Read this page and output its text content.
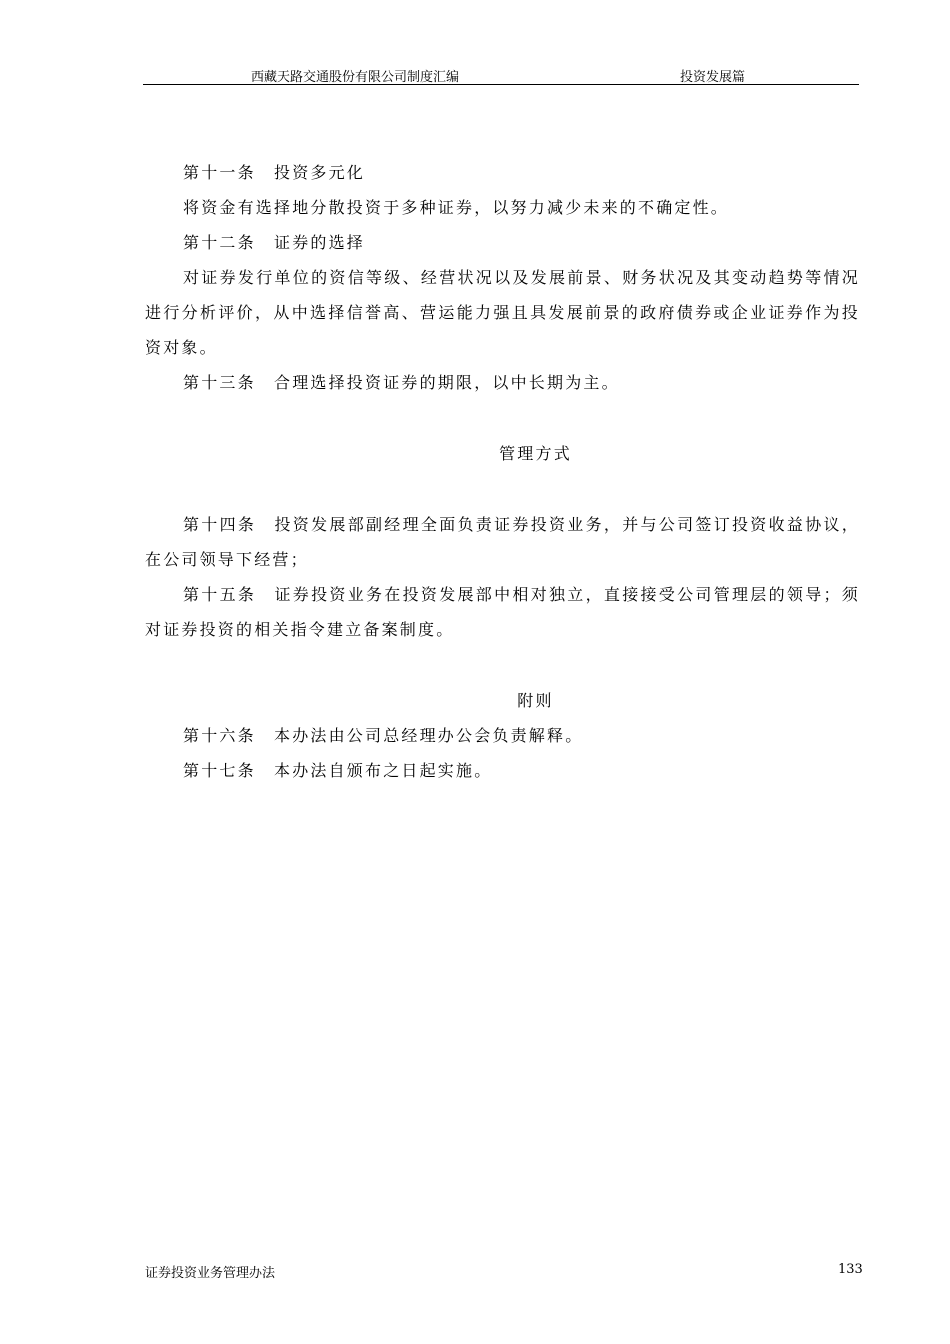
西藏天路交通股份有限公司制度汇编	投资发展篇

第十一条　投资多元化

将资金有选择地分散投资于多种证券，以努力减少未来的不确定性。

第十二条　证券的选择

对证券发行单位的资信等级、经营状况以及发展前景、财务状况及其变动趋势等情况进行分析评价，从中选择信誉高、营运能力强且具发展前景的政府债券或企业证券作为投资对象。

第十三条　合理选择投资证券的期限，以中长期为主。

管理方式

第十四条　投资发展部副经理全面负责证券投资业务，并与公司签订投资收益协议，在公司领导下经营；

第十五条　证券投资业务在投资发展部中相对独立，直接接受公司管理层的领导；须对证券投资的相关指令建立备案制度。

附则

第十六条　本办法由公司总经理办公会负责解释。

第十七条　本办法自颁布之日起实施。

证券投资业务管理办法	133
